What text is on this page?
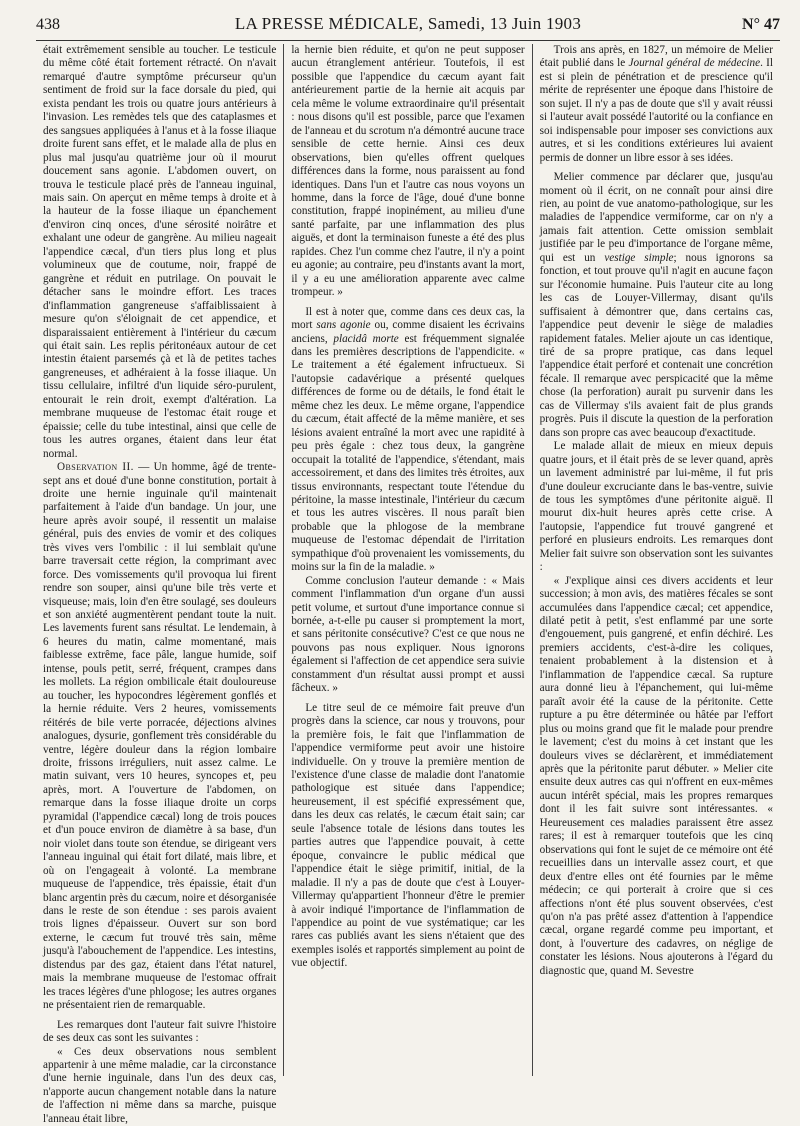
438	LA PRESSE MÉDICALE, Samedi, 13 Juin 1903	N° 47

était extrêmement sensible au toucher. Le testicule du même côté était fortement rétracté. On n'avait remarqué d'autre symptôme précurseur qu'un sentiment de froid sur la face dorsale du pied, qui exista pendant les trois ou quatre jours antérieurs à l'invasion. Les remèdes tels que des cataplasmes et des sangsues appliquées à l'anus et à la fosse iliaque droite furent sans effet, et le malade alla de plus en plus mal jusqu'au quatrième jour où il mourut doucement sans agonie. L'abdomen ouvert, on trouva le testicule placé près de l'anneau inguinal, mais sain. On aperçut en même temps à droite et à la hauteur de la fosse iliaque un épanchement d'environ cinq onces, d'une sérosité noirâtre et exhalant une odeur de gangrène. Au milieu nageait l'appendice cæcal, d'un tiers plus long et plus volumineux que de coutume, noir, frappé de gangrène et réduit en putrilage. On pouvait le détacher sans le moindre effort. Les traces d'inflammation gangreneuse s'affaiblissaient à mesure qu'on s'éloignait de cet appendice, et disparaissaient entièrement à l'intérieur du cæcum qui était sain. Les replis péritonéaux autour de cet intestin étaient parsemés çà et là de petites taches gangreneuses, et adhéraient à la fosse iliaque. Un tissu cellulaire, infiltré d'un liquide séro-purulent, entourait le rein droit, exempt d'altération. La membrane muqueuse de l'estomac était rouge et épaissie; celle du tube intestinal, ainsi que celle de tous les autres organes, étaient dans leur état normal.

Observation II. — Un homme, âgé de trente-sept ans et doué d'une bonne constitution, portait à droite une hernie inguinale qu'il maintenait parfaitement à l'aide d'un bandage. Un jour, une heure après avoir soupé, il ressentit un malaise général, puis des envies de vomir et des coliques très vives vers l'ombilic : il lui semblait qu'une barre traversait cette région, la comprimant avec force. Des vomissements qu'il provoqua lui firent rendre son souper, ainsi qu'une bile très verte et visqueuse; mais, loin d'en être soulagé, ses douleurs et son anxiété augmentèrent pendant toute la nuit. Les lavements furent sans résultat. Le lendemain, à 6 heures du matin, calme momentané, mais faiblesse extrême, face pâle, langue humide, soif intense, pouls petit, serré, fréquent, crampes dans les mollets. La région ombilicale était douloureuse au toucher, les hypocondres légèrement gonflés et la hernie réduite. Vers 2 heures, vomissements réitérés de bile verte porracée, déjections alvines analogues, dysurie, gonflement très considérable du ventre, légère douleur dans la région lombaire droite, frissons irréguliers, nuit assez calme. Le matin suivant, vers 10 heures, syncopes et, peu après, mort. A l'ouverture de l'abdomen, on remarque dans la fosse iliaque droite un corps pyramidal (l'appendice cæcal) long de trois pouces et d'un pouce environ de diamètre à sa base, d'un noir violet dans toute son étendue, se dirigeant vers l'anneau inguinal qui était fort dilaté, mais libre, et où on l'engageait à volonté. La membrane muqueuse de l'appendice, très épaissie, était d'un blanc argentin près du cæcum, noire et désorganisée dans le reste de son étendue : ses parois avaient trois lignes d'épaisseur. Ouvert sur son bord externe, le cæcum fut trouvé très sain, même jusqu'à l'abouchement de l'appendice. Les intestins, distendus par des gaz, étaient dans l'état naturel, mais la membrane muqueuse de l'estomac offrait les traces légères d'une phlogose; les autres organes ne présentaient rien de remarquable.

Les remarques dont l'auteur fait suivre l'histoire de ses deux cas sont les suivantes :

« Ces deux observations nous semblent appartenir à une même maladie, car la circonstance d'une hernie inguinale, dans l'un des deux cas, n'apporte aucun changement notable dans la nature de l'affection ni même dans sa marche, puisque l'anneau était libre,

la hernie bien réduite, et qu'on ne peut supposer aucun étranglement antérieur. Toutefois, il est possible que l'appendice du cæcum ayant fait antérieurement partie de la hernie ait acquis par cela même le volume extraordinaire qu'il présentait : nous disons qu'il est possible, parce que l'examen de l'anneau et du scrotum n'a démontré aucune trace sensible de cette hernie. Ainsi ces deux observations, bien qu'elles offrent quelques différences dans la forme, nous paraissent au fond identiques. Dans l'un et l'autre cas nous voyons un homme, dans la force de l'âge, doué d'une bonne constitution, frappé inopinément, au milieu d'une santé parfaite, par une inflammation des plus aiguës, et dont la terminaison funeste a été des plus rapides. Chez l'un comme chez l'autre, il n'y a point eu agonie; au contraire, peu d'instants avant la mort, il y a eu une amélioration apparente avec calme trompeur. »

Il est à noter que, comme dans ces deux cas, la mort sans agonie ou, comme disaient les écrivains anciens, placidâ morte est fréquemment signalée dans les premières descriptions de l'appendicite. « Le traitement a été également infructueux. Si l'autopsie cadavérique a présenté quelques différences de forme ou de détails, le fond était le même chez les deux. Le même organe, l'appendice du cæcum, était affecté de la même manière, et ses lésions avaient entraîné la mort avec une rapidité à peu près égale : chez tous deux, la gangrène occupait la totalité de l'appendice, s'étendant, mais accessoirement, et dans des limites très étroites, aux tissus environnants, respectant toute l'étendue du péritoine, la masse intestinale, l'intérieur du cæcum et tous les autres viscères. Il nous paraît bien probable que la phlogose de la membrane muqueuse de l'estomac dépendait de l'irritation sympathique d'où provenaient les vomissements, du moins sur la fin de la maladie. »

Comme conclusion l'auteur demande : « Mais comment l'inflammation d'un organe d'un aussi petit volume, et surtout d'une importance connue si bornée, a-t-elle pu causer si promptement la mort, et sans péritonite consécutive? C'est ce que nous ne pouvons pas nous expliquer. Nous ignorons également si l'affection de cet appendice sera suivie constamment d'un résultat aussi prompt et aussi fâcheux. »

Le titre seul de ce mémoire fait preuve d'un progrès dans la science, car nous y trouvons, pour la première fois, le fait que l'inflammation de l'appendice vermiforme peut avoir une histoire individuelle. On y trouve la première mention de l'existence d'une classe de maladie dont l'anatomie pathologique est située dans l'appendice; heureusement, il est spécifié expressément que, dans les deux cas relatés, le cæcum était sain; car seule l'absence totale de lésions dans toutes les parties autres que l'appendice pouvait, à cette époque, convaincre le public médical que l'appendice était le siège primitif, initial, de la maladie. Il n'y a pas de doute que c'est à Louyer-Villermay qu'appartient l'honneur d'être le premier à avoir indiqué l'importance de l'inflammation de l'appendice au point de vue systématique; car les rares cas publiés avant les siens n'étaient que des exemples isolés et rapportés simplement au point de vue objectif.

Trois ans après, en 1827, un mémoire de Melier était publié dans le Journal général de médecine. Il est si plein de pénétration et de prescience qu'il mérite de représenter une époque dans l'histoire de son sujet. Il n'y a pas de doute que s'il y avait réussi si l'auteur avait possédé l'autorité ou la confiance en soi indispensable pour imposer ses convictions aux autres, et si les conditions extérieures lui avaient permis de donner un libre essor à ses idées.

Melier commence par déclarer que, jusqu'au moment où il écrit, on ne connaît pour ainsi dire rien, au point de vue anatomo-pathologique, sur les maladies de l'appendice vermiforme, car on n'y a jamais fait attention. Cette omission semblait justifiée par le peu d'importance de l'organe même, qui est un vestige simple; nous ignorons sa fonction, et tout prouve qu'il n'agit en aucune façon sur l'économie humaine. Puis l'auteur cite au long les cas de Louyer-Villermay, disant qu'ils suffisaient à démontrer que, dans certains cas, l'appendice peut devenir le siège de maladies rapidement fatales. Melier ajoute un cas identique, tiré de sa propre pratique, cas dans lequel l'appendice était perforé et contenait une concrétion fécale. Il remarque avec perspicacité que la même chose (la perforation) aurait pu survenir dans les cas de Villermay s'ils avaient fait de plus grands progrès. Puis il discute la question de la perforation dans son propre cas avec beaucoup d'exactitude.

Le malade allait de mieux en mieux depuis quatre jours, et il était près de se lever quand, après un lavement administré par lui-même, il fut pris d'une douleur excruciante dans le bas-ventre, suivie de tous les symptômes d'une péritonite aiguë. Il mourut dix-huit heures après cette crise. A l'autopsie, l'appendice fut trouvé gangrené et perforé en plusieurs endroits. Les remarques dont Melier fait suivre son observation sont les suivantes :

« J'explique ainsi ces divers accidents et leur succession; à mon avis, des matières fécales se sont accumulées dans l'appendice cæcal; cet appendice, dilaté petit à petit, s'est enflammé par une sorte d'engouement, puis gangrené, et enfin déchiré. Les premiers accidents, c'est-à-dire les coliques, tenaient probablement à la distension et à l'inflammation de l'appendice cæcal. Sa rupture aura donné lieu à l'épanchement, qui lui-même paraît avoir été la cause de la péritonite. Cette rupture a pu être déterminée ou hâtée par l'effort plus ou moins grand que fit le malade pour prendre le lavement; c'est du moins à cet instant que les douleurs vives se déclarèrent, et immédiatement après que la péritonite parut débuter. » Melier cite ensuite deux autres cas qui n'offrent en eux-mêmes aucun intérêt spécial, mais les propres remarques dont il les fait suivre sont intéressantes. « Heureusement ces maladies paraissent être assez rares; il est à remarquer toutefois que les cinq observations qui font le sujet de ce mémoire ont été recueillies dans un intervalle assez court, et que deux d'entre elles ont été fournies par le même médecin; ce qui porterait à croire que si ces affections n'ont été plus souvent observées, c'est qu'on n'a pas prêté assez d'attention à l'appendice cæcal, organe regardé comme peu important, et dont, à l'ouverture des cadavres, on néglige de constater les lésions. Nous ajouterons à l'égard du diagnostic que, quand M. Sevestre
